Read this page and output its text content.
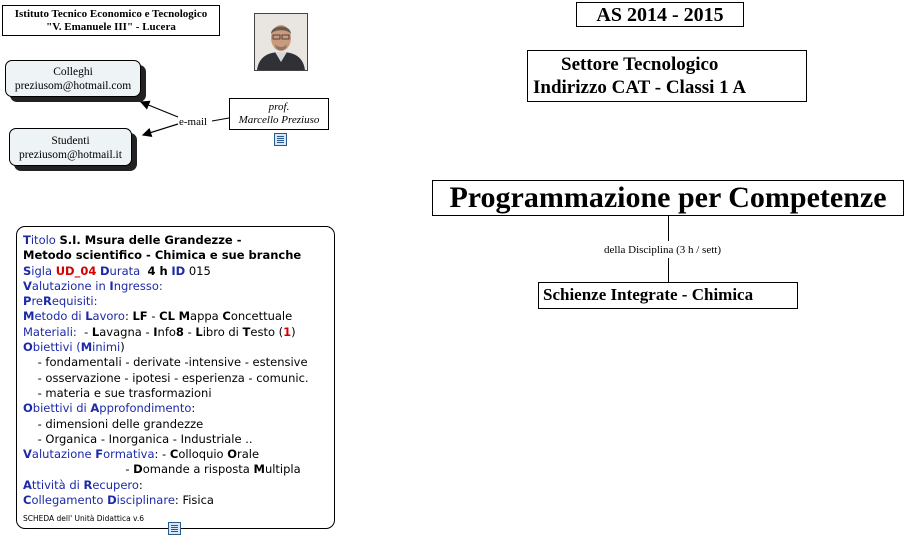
Istituto Tecnico Economico e Tecnologico
"V. Emanuele III" - Lucera
Colleghi
preziusom@hotmail.com
Studenti
preziusom@hotmail.it
e-mail
prof.
Marcello Preziuso
AS 2014 - 2015
Settore Tecnologico
Indirizzo CAT - Classi 1 A
Programmazione per Competenze
della Disciplina (3 h / sett)
Schienze Integrate - Chimica
Titolo S.I. Msura delle Grandezze -
Metodo scientifico - Chimica e sue branche
Sigla UD_04 Durata 4 h ID 015
Valutazione in Ingresso:
PreRequisiti:
Metodo di Lavoro: LF - CL Mappa Concettuale
Materiali:  - Lavagna - Info8 - Libro di Testo (1)
Obiettivi (Minimi)
- fondamentali - derivate -intensive - estensive
- osservazione - ipotesi - esperienza - comunic.
- materia e sue trasformazioni
Obiettivi di Approfondimento:
- dimensioni delle grandezze
- Organica - Inorganica - Industriale ..
Valutazione Formativa: - Colloquio Orale
- Domande a risposta Multipla
Attività di Recupero:
Collegamento Disciplinare: Fisica
SCHEDA dell' Unità Didattica v.6
